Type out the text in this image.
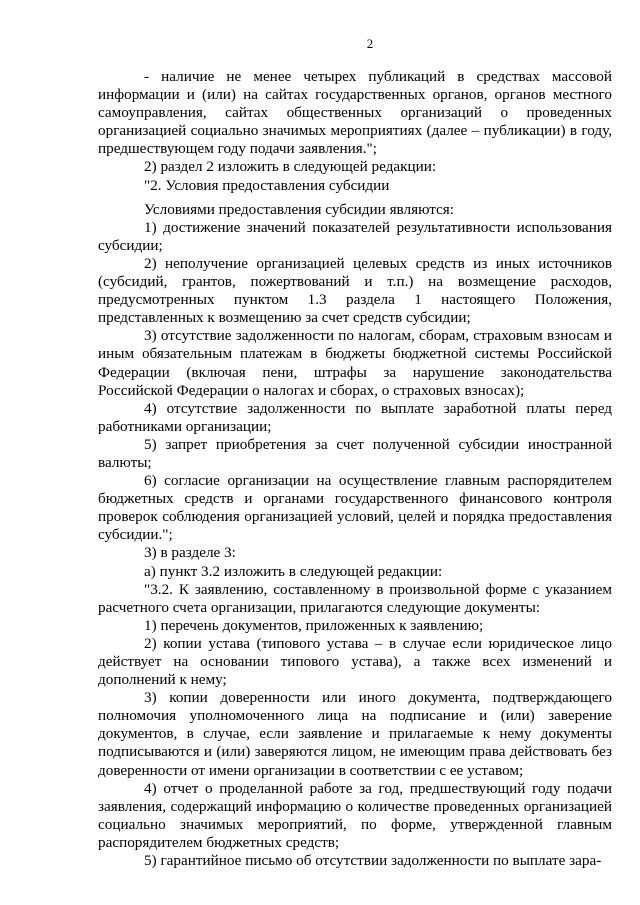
2

- наличие не менее четырех публикаций в средствах массовой информации и (или) на сайтах государственных органов, органов местного самоуправления, сайтах общественных организаций о проведенных организацией социально значимых мероприятиях (далее – публикации) в году, предшествующем году подачи заявления.";

2) раздел 2 изложить в следующей редакции:

"2. Условия предоставления субсидии

Условиями предоставления субсидии являются:

1) достижение значений показателей результативности использования субсидии;

2) неполучение организацией целевых средств из иных источников (субсидий, грантов, пожертвований и т.п.) на возмещение расходов, предусмотренных пунктом 1.3 раздела 1 настоящего Положения, представленных к возмещению за счет средств субсидии;

3) отсутствие задолженности по налогам, сборам, страховым взносам и иным обязательным платежам в бюджеты бюджетной системы Российской Федерации (включая пени, штрафы за нарушение законодательства Российской Федерации о налогах и сборах, о страховых взносах);

4) отсутствие задолженности по выплате заработной платы перед работниками организации;

5) запрет приобретения за счет полученной субсидии иностранной валюты;

6) согласие организации на осуществление главным распорядителем бюджетных средств и органами государственного финансового контроля проверок соблюдения организацией условий, целей и порядка предоставления субсидии.";

3) в разделе 3:

а) пункт 3.2 изложить в следующей редакции:

"3.2. К заявлению, составленному в произвольной форме с указанием расчетного счета организации, прилагаются следующие документы:

1) перечень документов, приложенных к заявлению;

2) копии устава (типового устава – в случае если юридическое лицо действует на основании типового устава), а также всех изменений и дополнений к нему;

3) копии доверенности или иного документа, подтверждающего полномочия уполномоченного лица на подписание и (или) заверение документов, в случае, если заявление и прилагаемые к нему документы подписываются и (или) заверяются лицом, не имеющим права действовать без доверенности от имени организации в соответствии с ее уставом;

4) отчет о проделанной работе за год, предшествующий году подачи заявления, содержащий информацию о количестве проведенных организацией социально значимых мероприятий, по форме, утвержденной главным распорядителем бюджетных средств;

5) гарантийное письмо об отсутствии задолженности по выплате зара-
